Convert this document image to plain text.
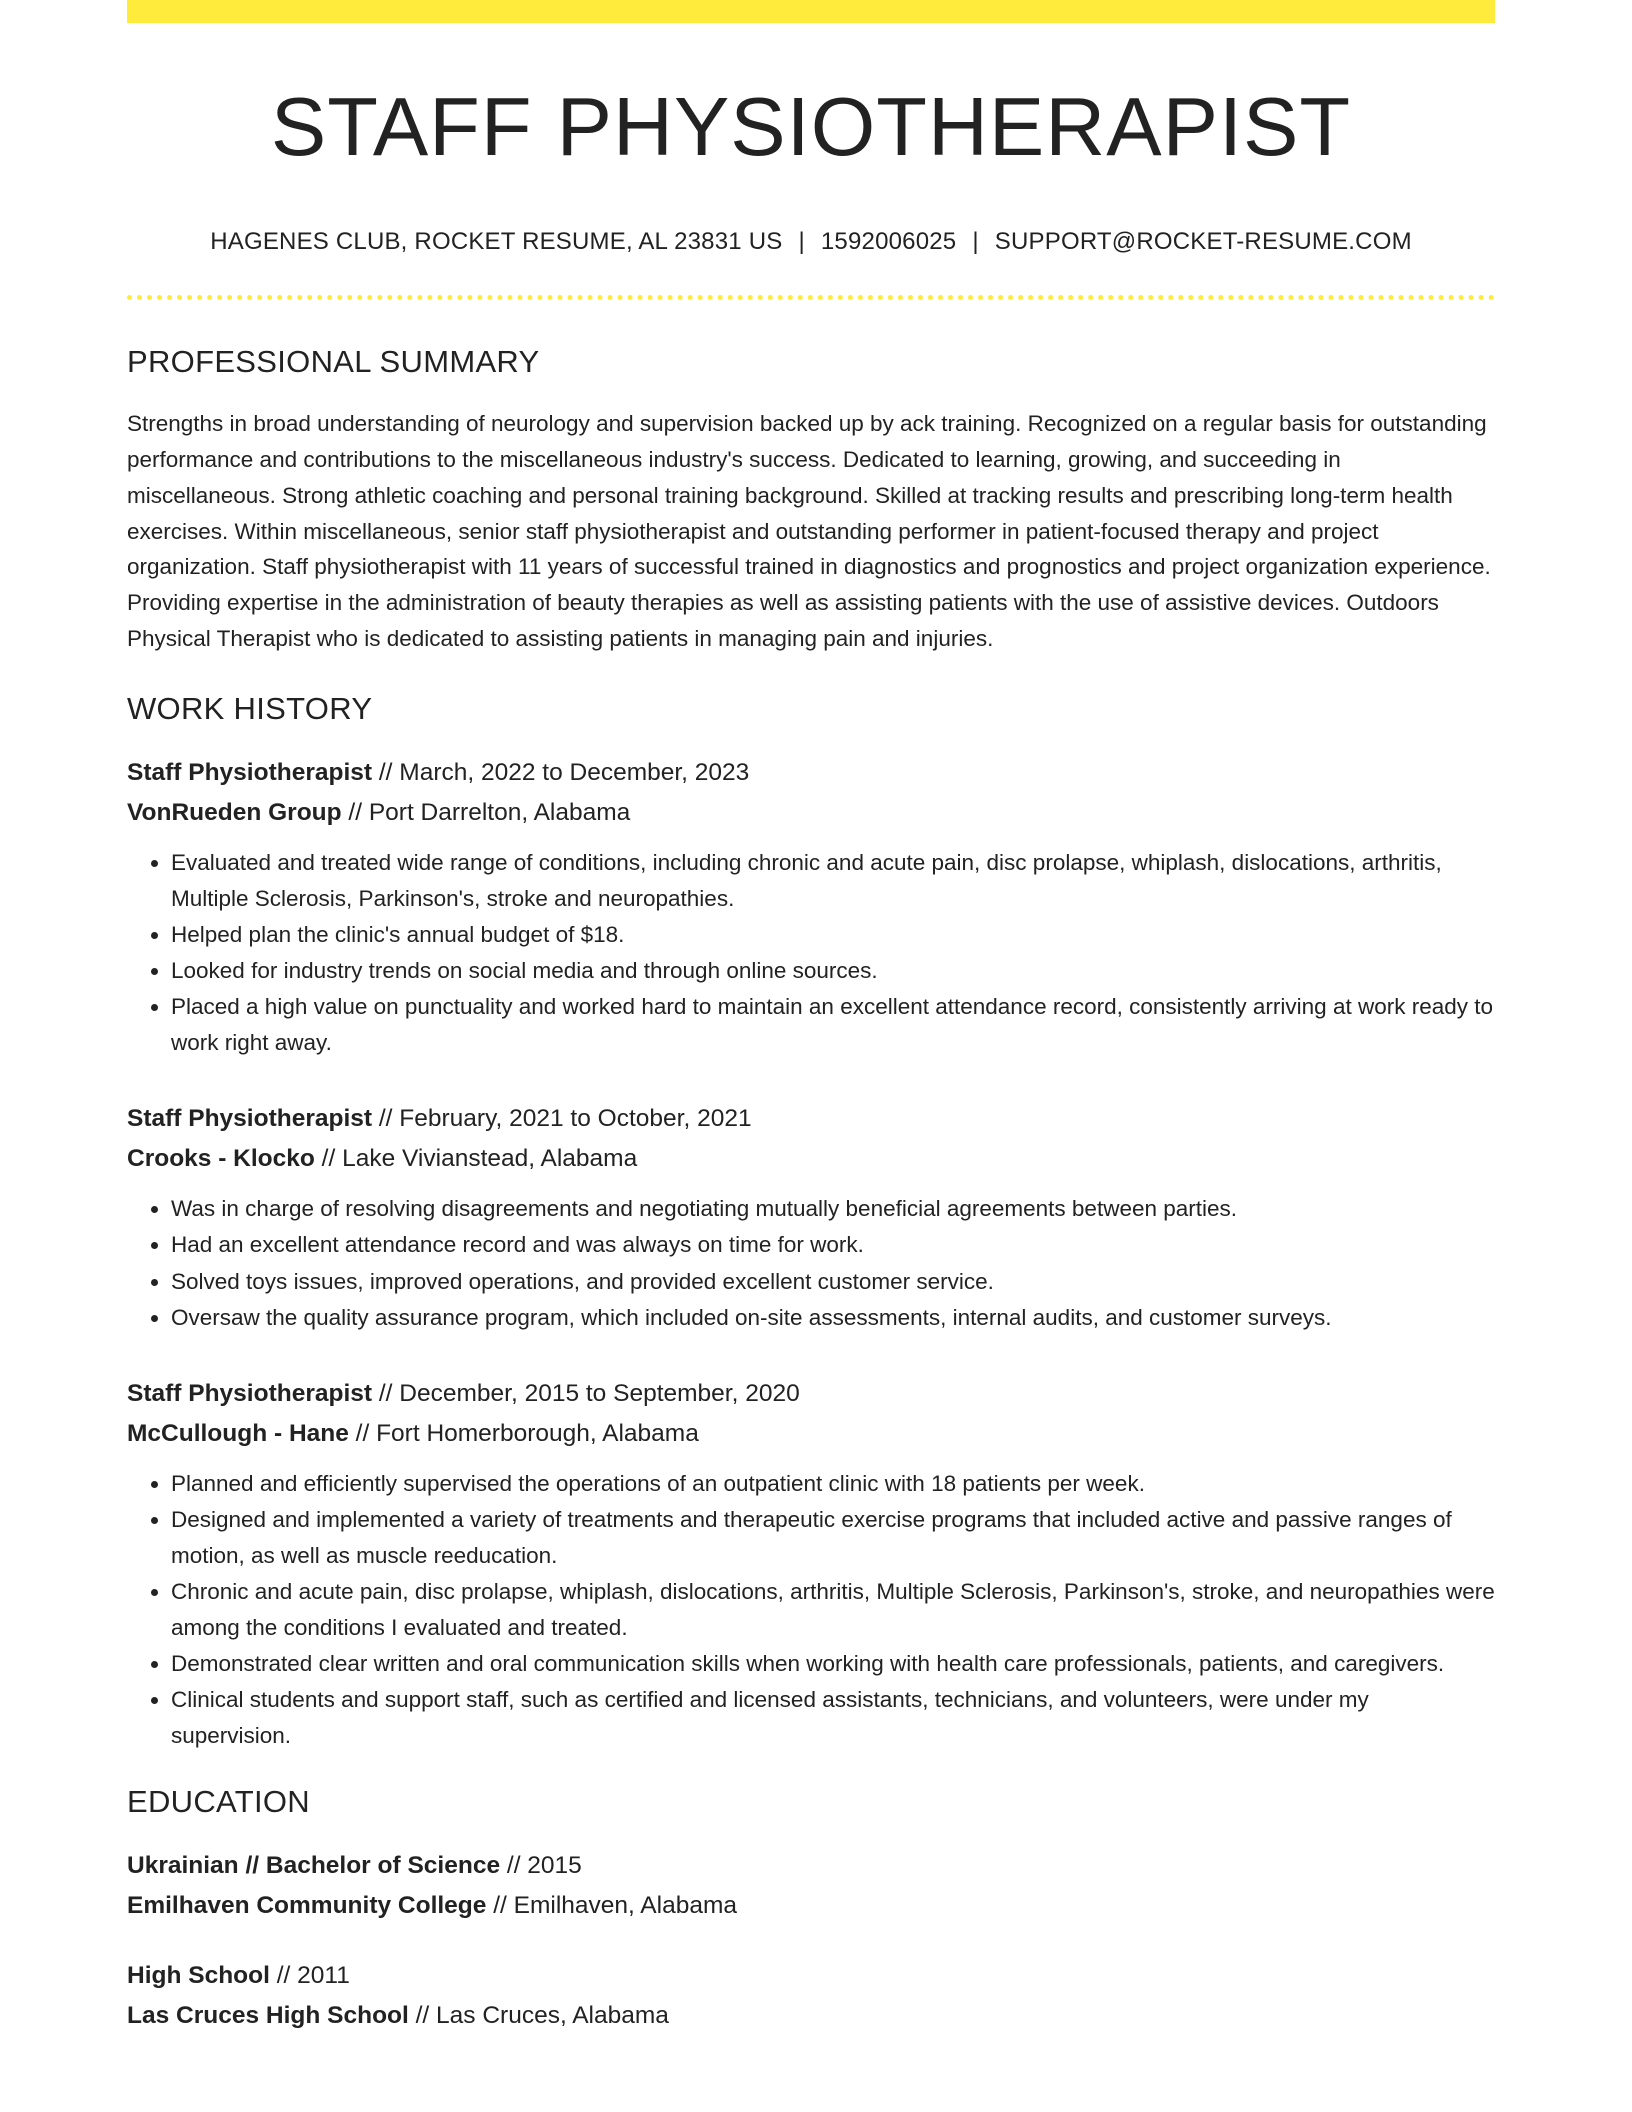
STAFF PHYSIOTHERAPIST
HAGENES CLUB, ROCKET RESUME, AL 23831 US | 1592006025 | SUPPORT@ROCKET-RESUME.COM
PROFESSIONAL SUMMARY
Strengths in broad understanding of neurology and supervision backed up by ack training. Recognized on a regular basis for outstanding performance and contributions to the miscellaneous industry's success. Dedicated to learning, growing, and succeeding in miscellaneous. Strong athletic coaching and personal training background. Skilled at tracking results and prescribing long-term health exercises. Within miscellaneous, senior staff physiotherapist and outstanding performer in patient-focused therapy and project organization. Staff physiotherapist with 11 years of successful trained in diagnostics and prognostics and project organization experience. Providing expertise in the administration of beauty therapies as well as assisting patients with the use of assistive devices. Outdoors Physical Therapist who is dedicated to assisting patients in managing pain and injuries.
WORK HISTORY
Staff Physiotherapist // March, 2022 to December, 2023
VonRueden Group // Port Darrelton, Alabama
• Evaluated and treated wide range of conditions, including chronic and acute pain, disc prolapse, whiplash, dislocations, arthritis, Multiple Sclerosis, Parkinson's, stroke and neuropathies.
• Helped plan the clinic's annual budget of $18.
• Looked for industry trends on social media and through online sources.
• Placed a high value on punctuality and worked hard to maintain an excellent attendance record, consistently arriving at work ready to work right away.
Staff Physiotherapist // February, 2021 to October, 2021
Crooks - Klocko // Lake Vivianstead, Alabama
• Was in charge of resolving disagreements and negotiating mutually beneficial agreements between parties.
• Had an excellent attendance record and was always on time for work.
• Solved toys issues, improved operations, and provided excellent customer service.
• Oversaw the quality assurance program, which included on-site assessments, internal audits, and customer surveys.
Staff Physiotherapist // December, 2015 to September, 2020
McCullough - Hane // Fort Homerborough, Alabama
• Planned and efficiently supervised the operations of an outpatient clinic with 18 patients per week.
• Designed and implemented a variety of treatments and therapeutic exercise programs that included active and passive ranges of motion, as well as muscle reeducation.
• Chronic and acute pain, disc prolapse, whiplash, dislocations, arthritis, Multiple Sclerosis, Parkinson's, stroke, and neuropathies were among the conditions I evaluated and treated.
• Demonstrated clear written and oral communication skills when working with health care professionals, patients, and caregivers.
• Clinical students and support staff, such as certified and licensed assistants, technicians, and volunteers, were under my supervision.
EDUCATION
Ukrainian // Bachelor of Science // 2015
Emilhaven Community College // Emilhaven, Alabama
High School // 2011
Las Cruces High School // Las Cruces, Alabama
